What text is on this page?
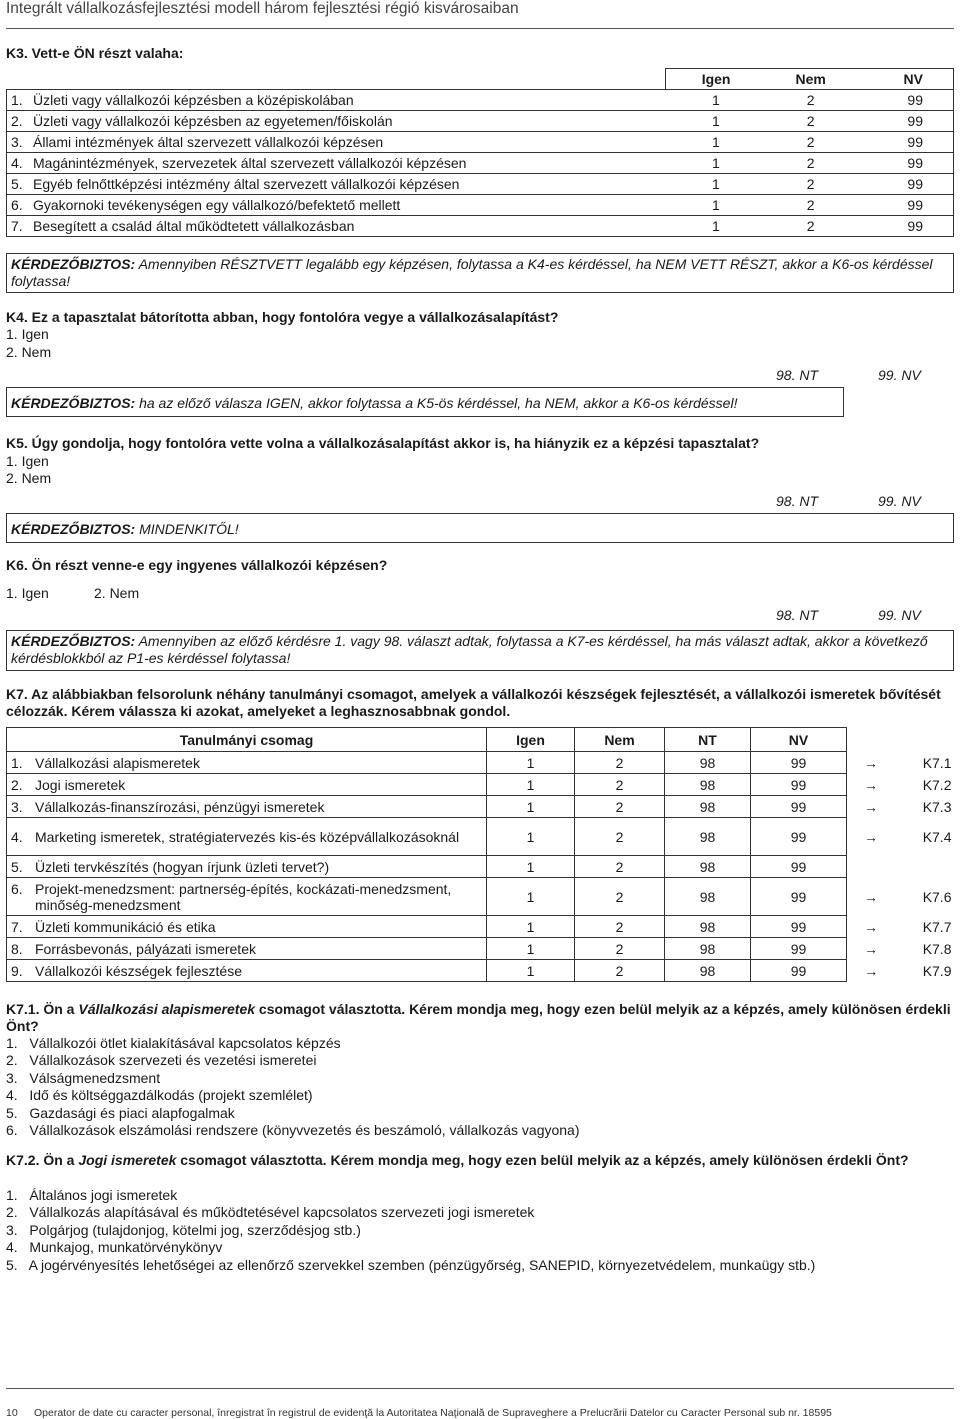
Integrált vállalkozásfejlesztési modell három fejlesztési régió kisvárosaiban
K3. Vett-e ÖN részt valaha:
	Igen	Nem	NV
1. Üzleti vagy vállalkozói képzésben a középiskolában	1	2	99
2. Üzleti vagy vállalkozói képzésben az egyetemen/főiskolán	1	2	99
3. Állami intézmények által szervezett vállalkozói képzésen	1	2	99
4. Magánintézmények, szervezetek által szervezett vállalkozói képzésen	1	2	99
5. Egyéb felnőttképzési intézmény által szervezett vállalkozói képzésen	1	2	99
6. Gyakornoki tevékenységen egy vállalkozó/befektető mellett	1	2	99
7. Besegített a család által működtetett vállalkozásban	1	2	99
KÉRDEZŐBIZTOS: Amennyiben RÉSZTVETT legalább egy képzésen, folytassa a K4-es kérdéssel, ha NEM VETT RÉSZT, akkor a K6-os kérdéssel folytassa!
K4. Ez a tapasztalat bátorította abban, hogy fontolóra vegye a vállalkozásalapítást?
1. Igen
2. Nem
98. NT	99. NV
KÉRDEZŐBIZTOS: ha az előző válasza IGEN, akkor folytassa a K5-ös kérdéssel, ha NEM, akkor a K6-os kérdéssel!
K5. Úgy gondolja, hogy fontolóra vette volna a vállalkozásalapítást akkor is, ha hiányzik ez a képzési tapasztalat?
1. Igen
2. Nem
98. NT	99. NV
KÉRDEZŐBIZTOS: MINDENKITŐL!
K6. Ön részt venne-e egy ingyenes vállalkozói képzésen?
1. Igen	2. Nem
98. NT	99. NV
KÉRDEZŐBIZTOS: Amennyiben az előző kérdésre 1. vagy 98. választ adtak, folytassa a K7-es kérdéssel, ha más választ adtak, akkor a következő kérdésblokkból az P1-es kérdéssel folytassa!
K7. Az alábbiakban felsorolunk néhány tanulmányi csomagot, amelyek a vállalkozói készségek fejlesztését, a vállalkozói ismeretek bővítését célozzák. Kérem válassza ki azokat, amelyeket a leghasznosabbnak gondol.
Tanulmányi csomag	Igen	Nem	NT	NV		

1. Vállalkozási alapismeretek	1	2	98	99	→	K7.1

2. Jogi ismeretek	1	2	98	99	→	K7.2

3. Vállalkozás-finanszírozási, pénzügyi ismeretek	1	2	98	99	→	K7.3

4. Marketing ismeretek, stratégiatervezés kis-és középvállalkozásoknál	1	2	98	99	→	K7.4

5. Üzleti tervkészítés (hogyan írjunk üzleti tervet?)	1	2	98	99		

6. Projekt-menedzsment: partnerség-építés, kockázati-menedzsment, minőség-menedzsment	1	2	98	99	→	K7.6

7. Üzleti kommunikáció és etika	1	2	98	99	→	K7.7

8. Forrásbevonás, pályázati ismeretek	1	2	98	99	→	K7.8

9. Vállalkozói készségek fejlesztése	1	2	98	99	→	K7.9
K7.1. Ön a Vállalkozási alapismeretek csomagot választotta. Kérem mondja meg, hogy ezen belül melyik az a képzés, amely különösen érdekli Önt?
1.   Vállalkozói ötlet kialakításával kapcsolatos képzés
2.   Vállalkozások szervezeti és vezetési ismeretei
3.   Válságmenedzsment
4.   Idő és költséggazdálkodás (projekt szemlélet)
5.   Gazdasági és piaci alapfogalmak
6.   Vállalkozások elszámolási rendszere (könyvvezetés és beszámoló, vállalkozás vagyona)
K7.2. Ön a Jogi ismeretek csomagot választotta. Kérem mondja meg, hogy ezen belül melyik az a képzés, amely különösen érdekli Önt?
1.   Általános jogi ismeretek
2.   Vállalkozás alapításával és működtetésével kapcsolatos szervezeti jogi ismeretek
3.   Polgárjog (tulajdonjog, kötelmi jog, szerződésjog stb.)
4.   Munkajog, munkatörvénykönyv
5.   A jogérvényesítés lehetőségei az ellenőrző szervekkel szemben (pénzügyőrség, SANEPID, környezetvédelem, munkaügy stb.)
10 Operator de date cu caracter personal, înregistrat în registrul de evidenţă la Autoritatea Naţională de Supraveghere a Prelucrării Datelor cu Caracter Personal sub nr. 18595
